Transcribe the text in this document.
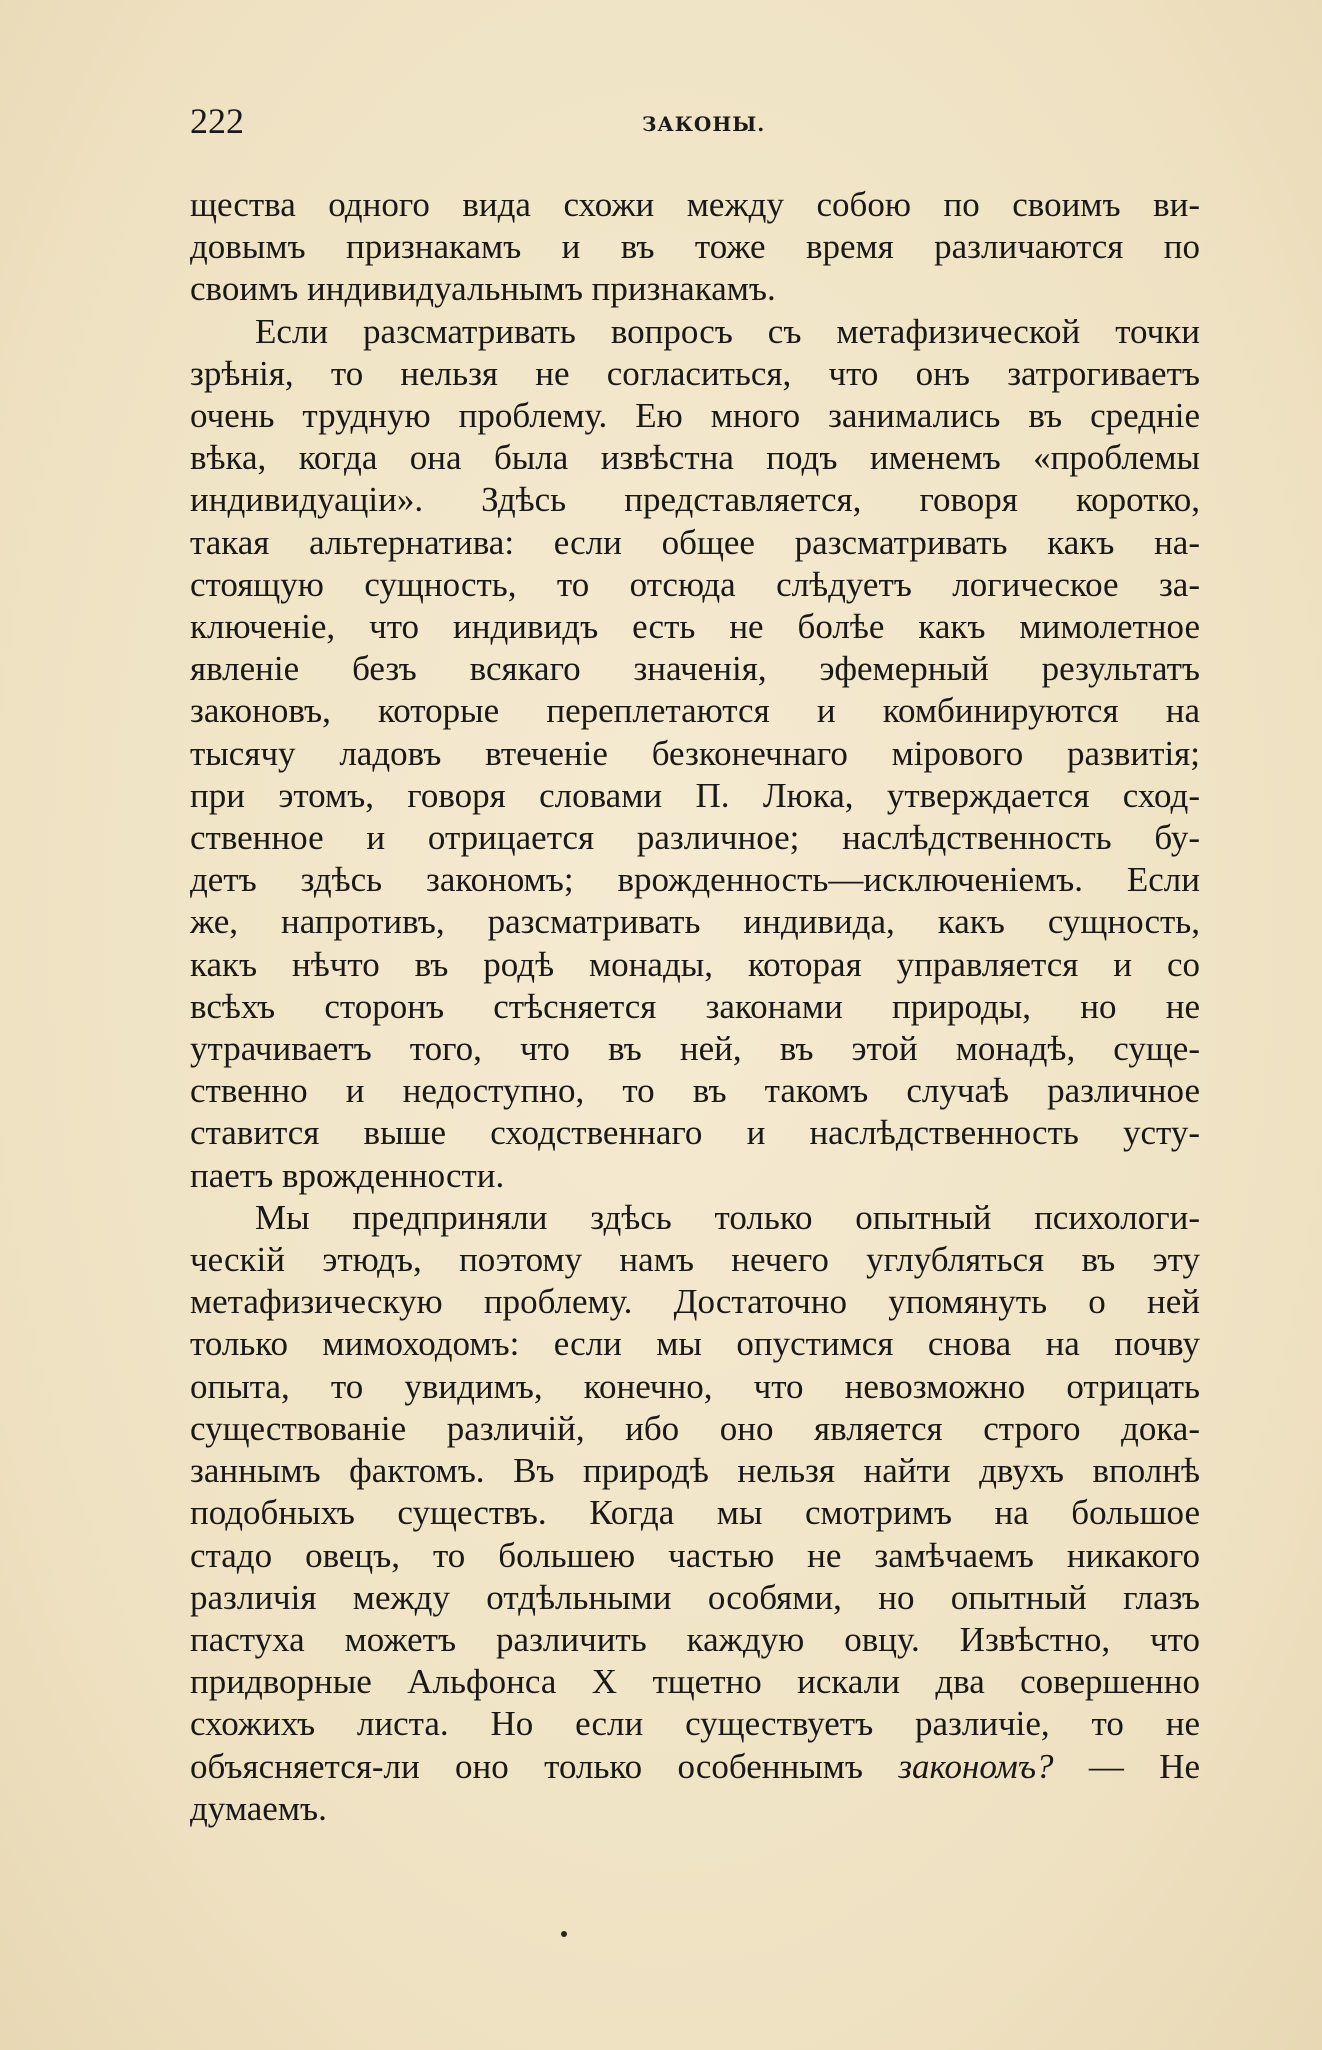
222	ЗАКОНЫ.
щества одного вида схожи между собою по своимъ ви-
довымъ признакамъ и въ тоже время различаются по
своимъ индивидуальнымъ признакамъ.
Если разсматривать вопросъ съ метафизической точки
зрѣнія, то нельзя не согласиться, что онъ затрогиваетъ
очень трудную проблему. Ею много занимались въ средніе
вѣка, когда она была извѣстна подъ именемъ «проблемы
индивидуаціи». Здѣсь представляется, говоря коротко,
такая альтернатива: если общее разсматривать какъ на-
стоящую сущность, то отсюда слѣдуетъ логическое за-
ключеніе, что индивидъ есть не болѣе какъ мимолетное
явленіе безъ всякаго значенія, эфемерный результатъ
законовъ, которые переплетаются и комбинируются на
тысячу ладовъ втеченіе безконечнаго мірового развитія;
при этомъ, говоря словами П. Люка, утверждается сход-
ственное и отрицается различное; наслѣдственность бу-
детъ здѣсь закономъ; врожденность—исключеніемъ. Если
же, напротивъ, разсматривать индивида, какъ сущность,
какъ нѣчто въ родѣ монады, которая управляется и со
всѣхъ сторонъ стѣсняется законами природы, но не
утрачиваетъ того, что въ ней, въ этой монадѣ, суще-
ственно и недоступно, то въ такомъ случаѣ различное
ставится выше сходственнаго и наслѣдственность усту-
паетъ врожденности.
Мы предприняли здѣсь только опытный психологи-
ческій этюдъ, поэтому намъ нечего углубляться въ эту
метафизическую проблему. Достаточно упомянуть о ней
только мимоходомъ: если мы опустимся снова на почву
опыта, то увидимъ, конечно, что невозможно отрицать
существованіе различій, ибо оно является строго дока-
заннымъ фактомъ. Въ природѣ нельзя найти двухъ вполнѣ
подобныхъ существъ. Когда мы смотримъ на большое
стадо овецъ, то большею частью не замѣчаемъ никакого
различія между отдѣльными особями, но опытный глазъ
пастуха можетъ различить каждую овцу. Извѣстно, что
придворные Альфонса X тщетно искали два совершенно
схожихъ листа. Но если существуетъ различіе, то не
объясняется-ли оно только особеннымъ закономъ? — Не
думаемъ.
